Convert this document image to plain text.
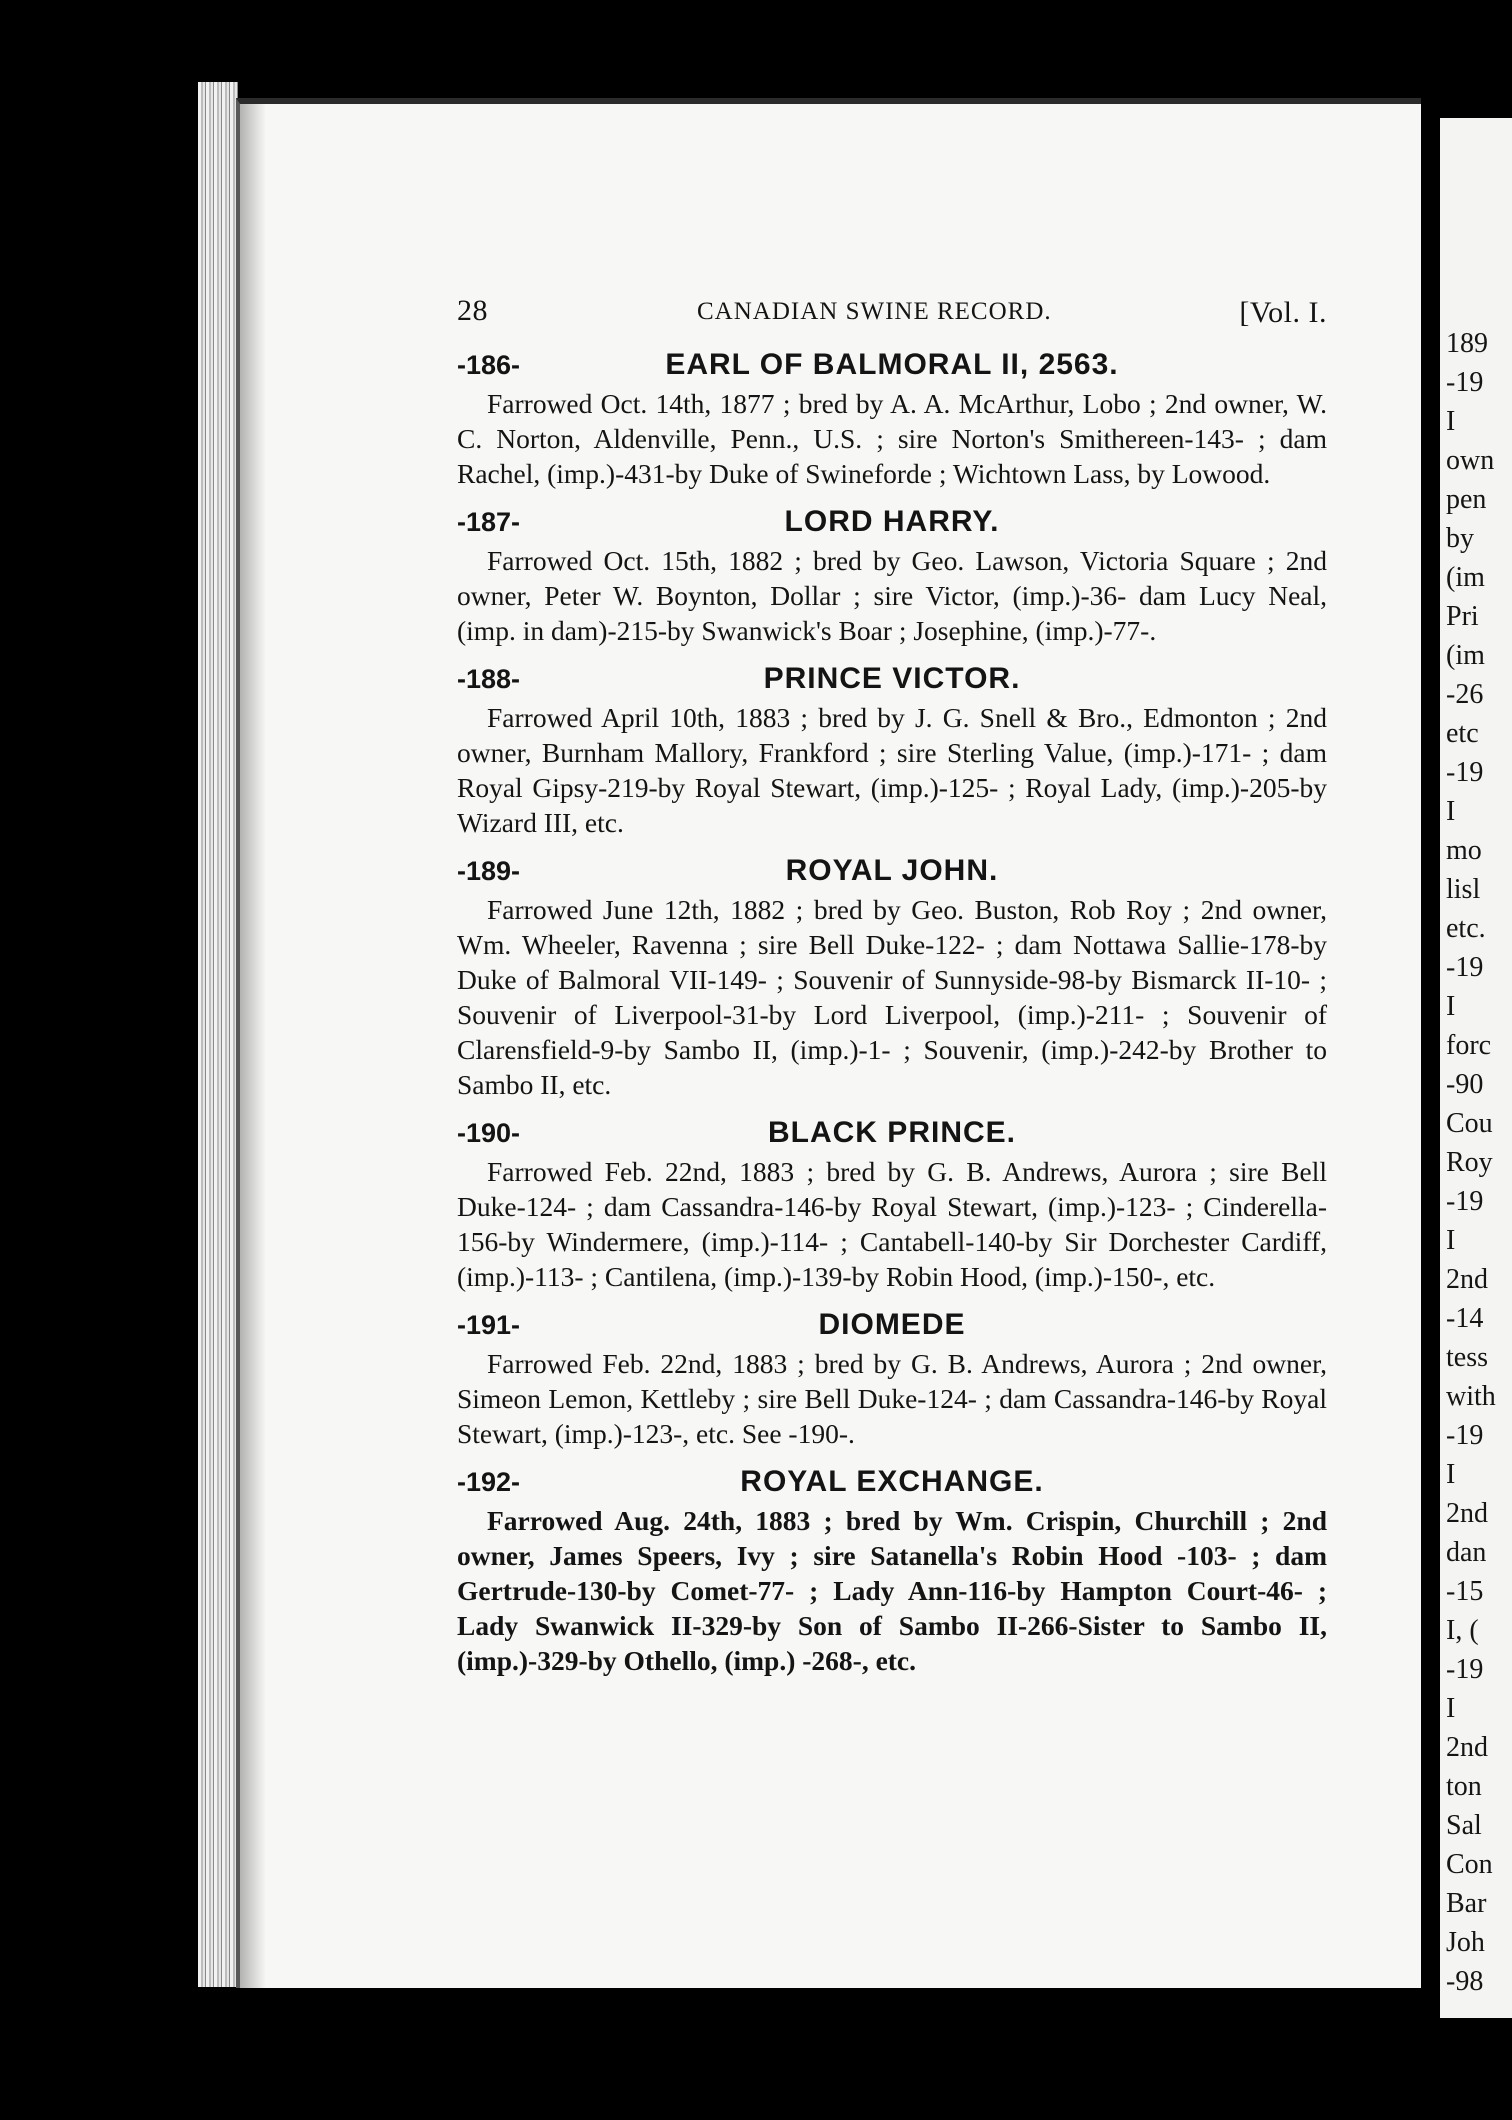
28	CANADIAN SWINE RECORD.	[Vol. I.
-186-	EARL OF BALMORAL II, 2563.

Farrowed Oct. 14th, 1877 ; bred by A. A. McArthur, Lobo ; 2nd owner, W. C. Norton, Aldenville, Penn., U.S. ; sire Norton's Smithereen-143- ; dam Rachel, (imp.)-431-by Duke of Swineforde ; Wichtown Lass, by Lowood.

-187-	LORD HARRY.

Farrowed Oct. 15th, 1882 ; bred by Geo. Lawson, Victoria Square ; 2nd owner, Peter W. Boynton, Dollar ; sire Victor, (imp.)-36- dam Lucy Neal, (imp. in dam)-215-by Swanwick's Boar ; Josephine, (imp.)-77-.

-188-	PRINCE VICTOR.

Farrowed April 10th, 1883 ; bred by J. G. Snell & Bro., Edmonton ; 2nd owner, Burnham Mallory, Frankford ; sire Sterling Value, (imp.)-171- ; dam Royal Gipsy-219-by Royal Stewart, (imp.)-125- ; Royal Lady, (imp.)-205-by Wizard III, etc.

-189-	ROYAL JOHN.

Farrowed June 12th, 1882 ; bred by Geo. Buston, Rob Roy ; 2nd owner, Wm. Wheeler, Ravenna ; sire Bell Duke-122- ; dam Nottawa Sallie-178-by Duke of Balmoral VII-149- ; Souvenir of Sunnyside-98-by Bismarck II-10- ; Souvenir of Liverpool-31-by Lord Liverpool, (imp.)-211- ; Souvenir of Clarensfield-9-by Sambo II, (imp.)-1- ; Souvenir, (imp.)-242-by Brother to Sambo II, etc.

-190-	BLACK PRINCE.

Farrowed Feb. 22nd, 1883 ; bred by G. B. Andrews, Aurora ; sire Bell Duke-124- ; dam Cassandra-146-by Royal Stewart, (imp.)-123- ; Cinderella-156-by Windermere, (imp.)-114- ; Cantabell-140-by Sir Dorchester Cardiff, (imp.)-113- ; Cantilena, (imp.)-139-by Robin Hood, (imp.)-150-, etc.

-191-	DIOMEDE

Farrowed Feb. 22nd, 1883 ; bred by G. B. Andrews, Aurora ; 2nd owner, Simeon Lemon, Kettleby ; sire Bell Duke-124- ; dam Cassandra-146-by Royal Stewart, (imp.)-123-, etc. See -190-.

-192-	ROYAL EXCHANGE.

Farrowed Aug. 24th, 1883 ; bred by Wm. Crispin, Churchill ; 2nd owner, James Speers, Ivy ; sire Satanella's Robin Hood -103- ; dam Gertrude-130-by Comet-77- ; Lady Ann-116-by Hampton Court-46- ; Lady Swanwick II-329-by Son of Sambo II-266-Sister to Sambo II, (imp.)-329-by Othello, (imp.) -268-, etc.

189
-19
I
own
pen
by
(im
Pri
(im
-26
etc
-19
I
mo
lisl
etc.
-19
I
forc
-90
Cou
Roy
-19
I
2nd
-14
tess
with
-19
I
2nd
dan
-15
I, (
-19
I
2nd
ton
Sal
Con
Bar
Joh
-98
